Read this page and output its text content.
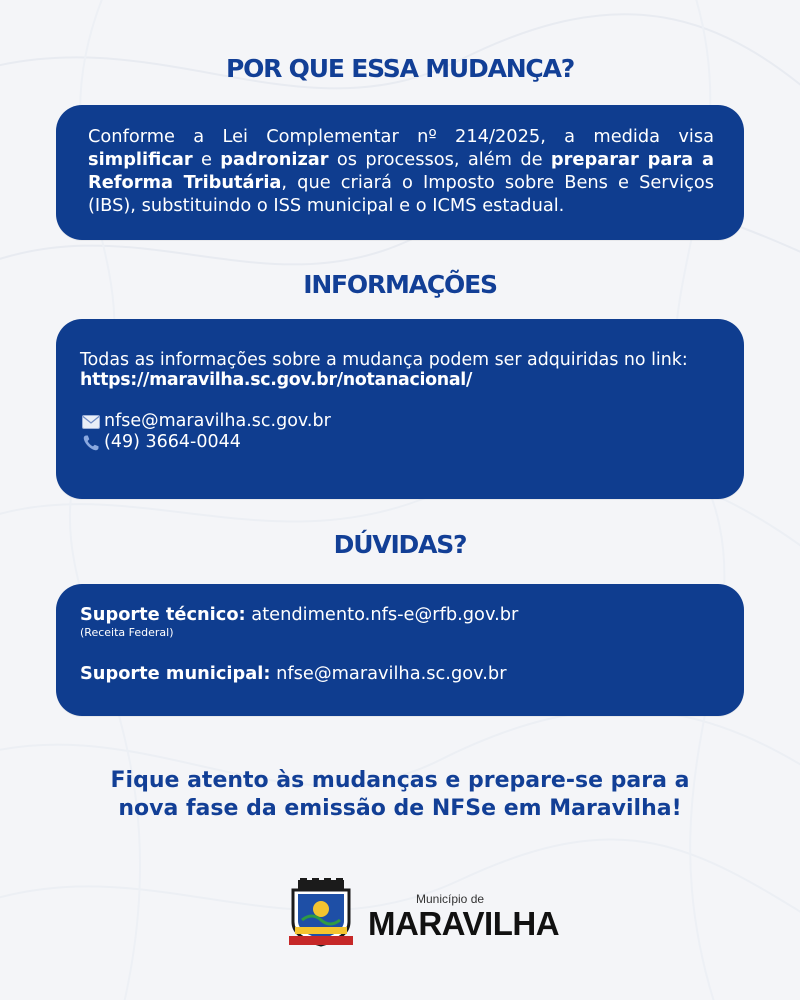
POR QUE ESSA MUDANÇA?

Conforme a Lei Complementar nº 214/2025, a medida visa simplificar e padronizar os processos, além de preparar para a Reforma Tributária, que criará o Imposto sobre Bens e Serviços (IBS), substituindo o ISS municipal e o ICMS estadual.

INFORMAÇÕES

Todas as informações sobre a mudança podem ser adquiridas no link: https://maravilha.sc.gov.br/notanacional/

nfse@maravilha.sc.gov.br
(49) 3664-0044
DÚVIDAS?

Suporte técnico: atendimento.nfs-e@rfb.gov.br

(Receita Federal)

Suporte municipal: nfse@maravilha.sc.gov.br

Fique atento às mudanças e prepare-se para a
nova fase da emissão de NFSe em Maravilha!

Município de

MARAVILHA
